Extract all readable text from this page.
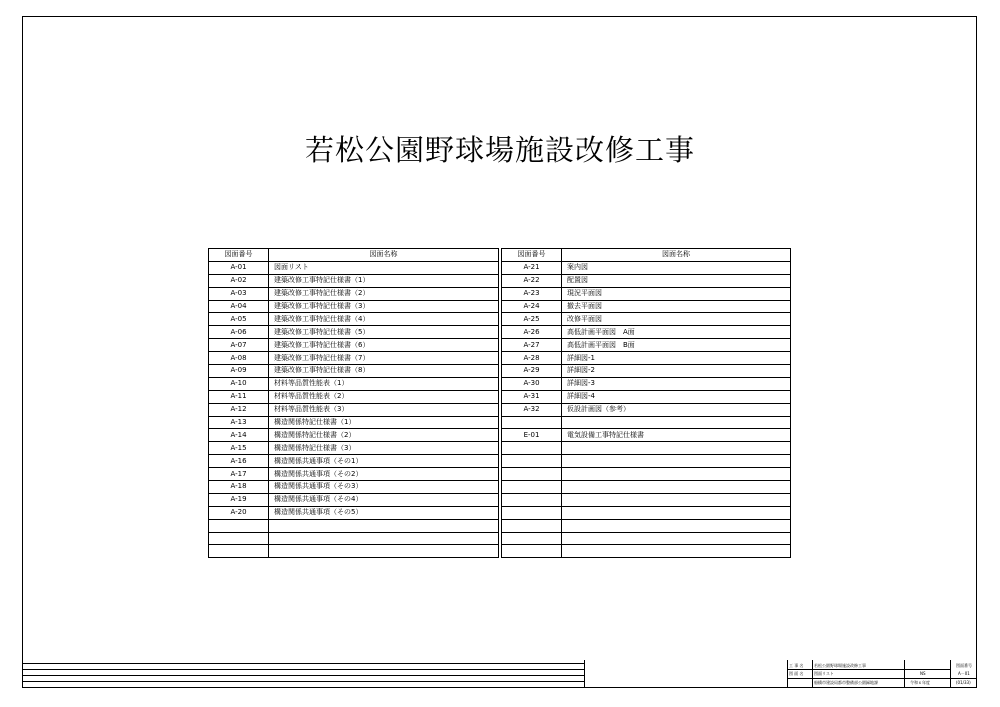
若松公園野球場施設改修工事
図面番号	図面名称
A-01	図面リスト
A-02	建築改修工事特記仕様書（1）
A-03	建築改修工事特記仕様書（2）
A-04	建築改修工事特記仕様書（3）
A-05	建築改修工事特記仕様書（4）
A-06	建築改修工事特記仕様書（5）
A-07	建築改修工事特記仕様書（6）
A-08	建築改修工事特記仕様書（7）
A-09	建築改修工事特記仕様書（8）
A-10	材料等品質性能表（1）
A-11	材料等品質性能表（2）
A-12	材料等品質性能表（3）
A-13	構造関係特記仕様書（1）
A-14	構造関係特記仕様書（2）
A-15	構造関係特記仕様書（3）
A-16	構造関係共通事項（その1）
A-17	構造関係共通事項（その2）
A-18	構造関係共通事項（その3）
A-19	構造関係共通事項（その4）
A-20	構造関係共通事項（その5）

図面番号	図面名称
A-21	案内図
A-22	配置図
A-23	現況平面図
A-24	撤去平面図
A-25	改修平面図
A-26	高低計画平面図　A面
A-27	高低計画平面図　B面
A-28	詳細図-1
A-29	詳細図-2
A-30	詳細図-3
A-31	詳細図-4
A-32	仮設計画図（参考）

E-01	電気設備工事特記仕様書

工 事 名	若松公園野球場施設改修工事
図 面 名	図面リスト	NS
船橋市建設局都市整備部公園緑地課	令和６年度
図面番号
A－01
(01/33)
